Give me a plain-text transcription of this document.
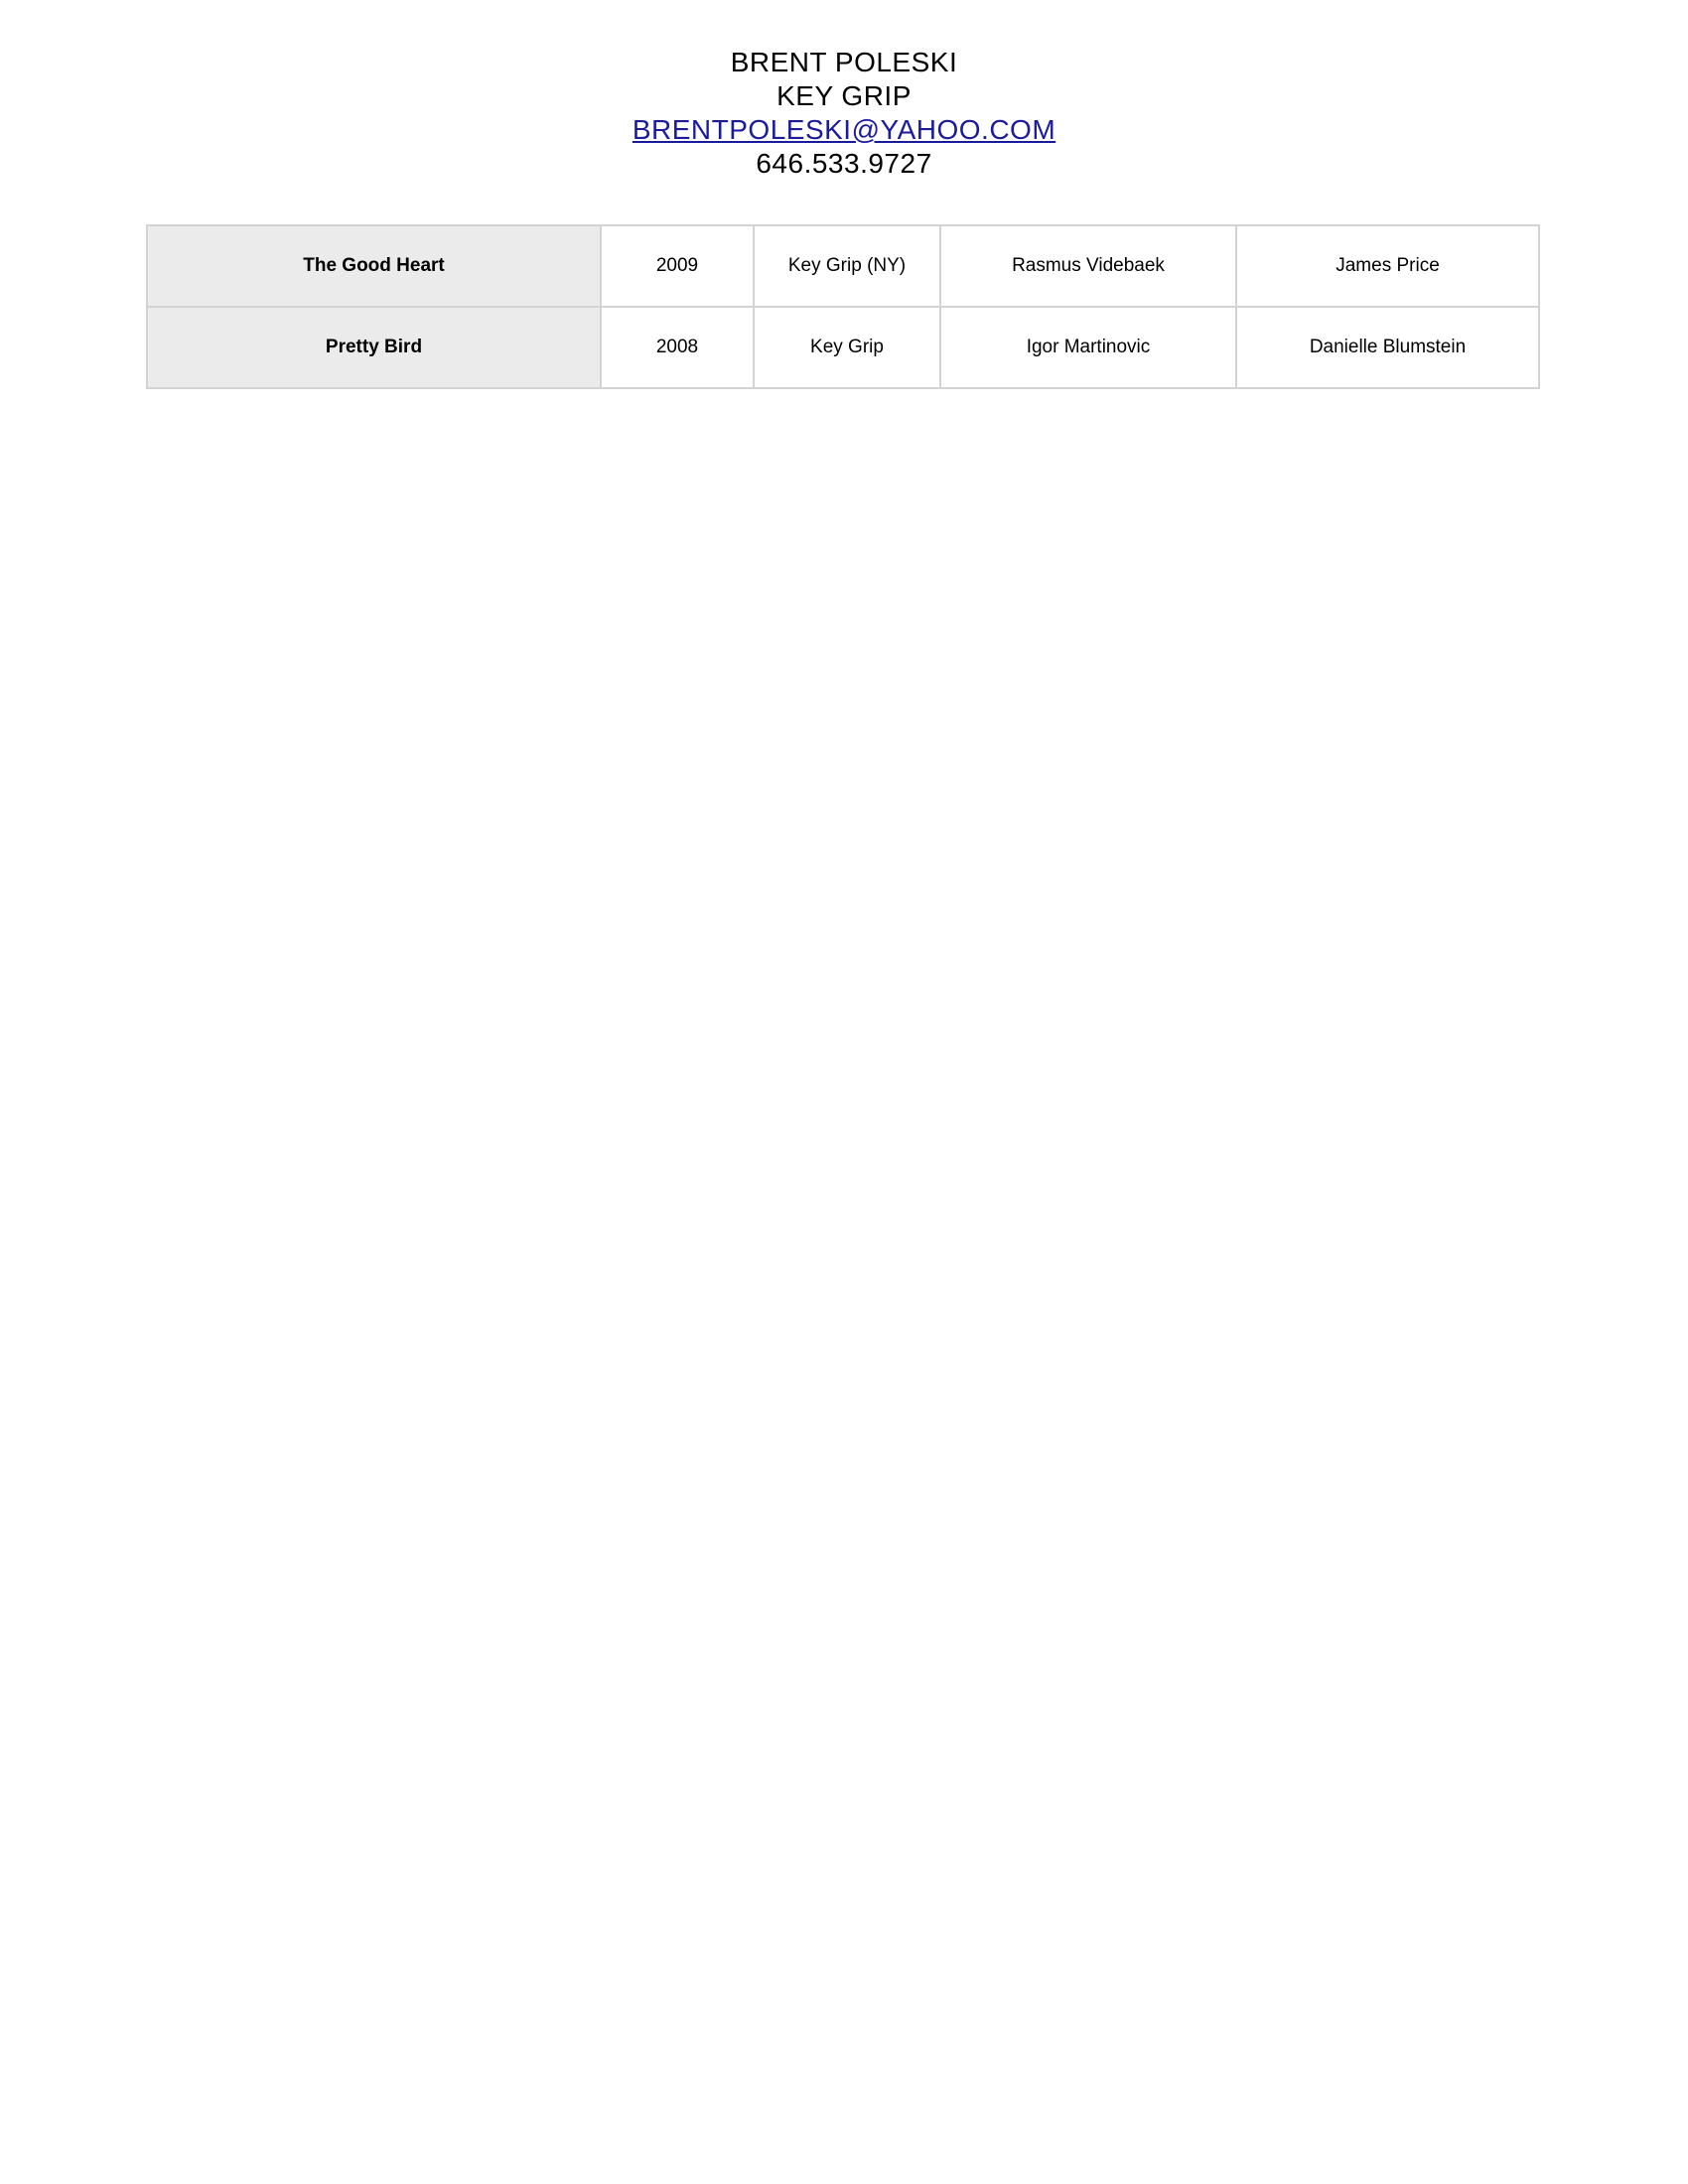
BRENT POLESKI
KEY GRIP
BRENTPOLESKI@YAHOO.COM
646.533.9727
The Good Heart	2009	Key Grip (NY)	Rasmus Videbaek	James Price
Pretty Bird	2008	Key Grip	Igor Martinovic	Danielle Blumstein
